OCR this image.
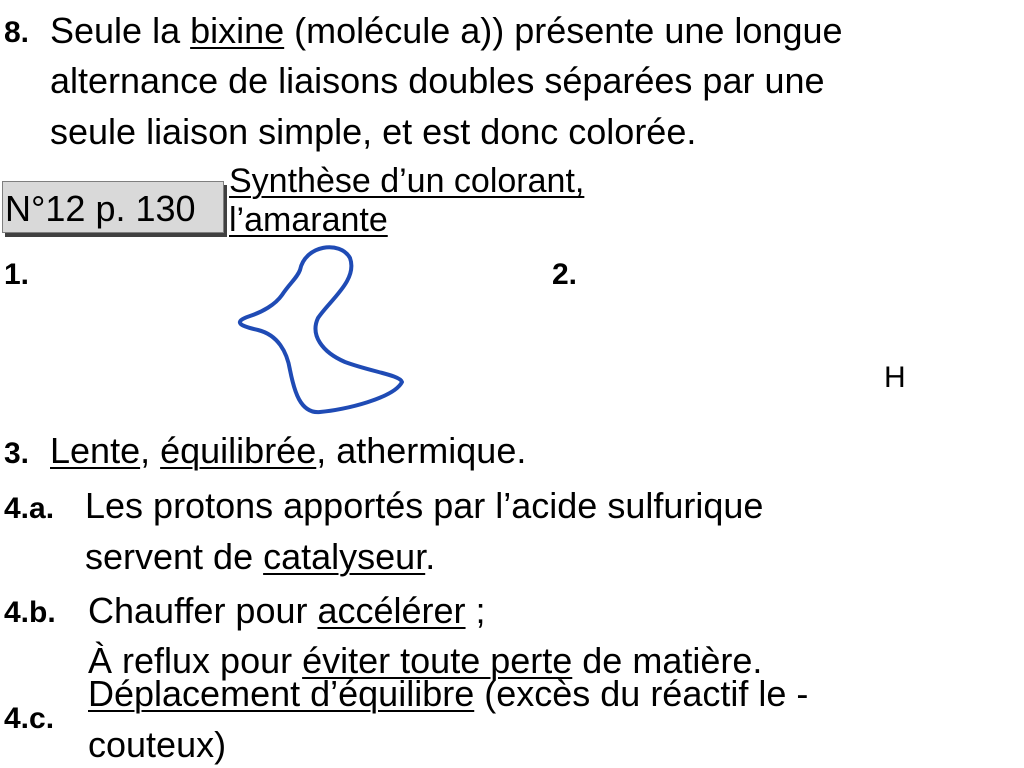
8. Seule la bixine (molécule a)) présente une longue
alternance de liaisons doubles séparées par une
seule liaison simple, et est donc colorée.
N°12 p. 130
Synthèse d’un colorant,
l’amarante
1.	2.
H
3. Lente, équilibrée, athermique.
4.a. Les protons apportés par l’acide sulfurique
servent de catalyseur.
4.b. Chauffer pour accélérer ;
À reflux pour éviter toute perte de matière.
4.c.
Déplacement d’équilibre (excès du réactif le -
couteux)
